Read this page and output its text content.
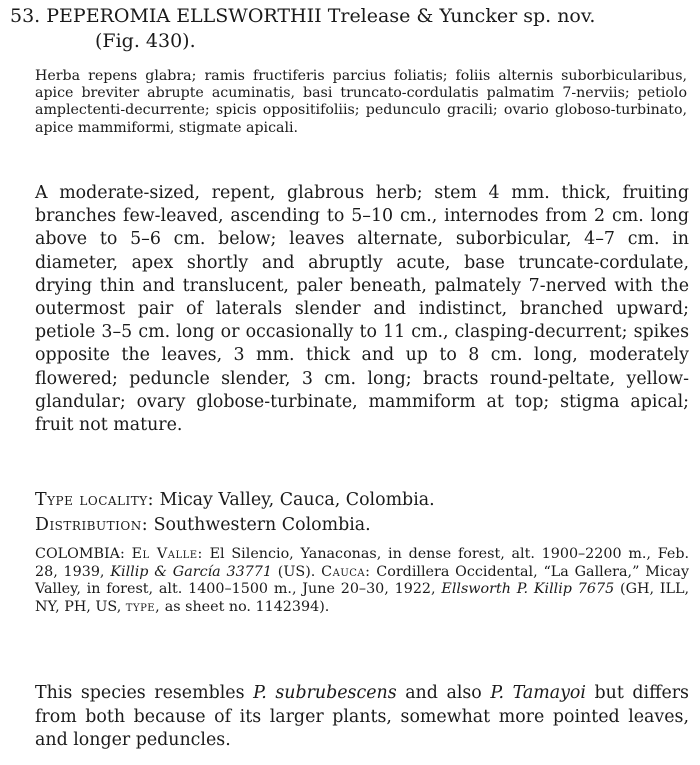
53. PEPEROMIA ELLSWORTHII Trelease & Yuncker sp. nov.
(Fig. 430).

Herba repens glabra; ramis fructiferis parcius foliatis; foliis alternis suborbicularibus, apice breviter abrupte acuminatis, basi truncato-cordulatis palmatim 7-nerviis; petiolo amplectenti-decurrente; spicis oppositifoliis; pedunculo gracili; ovario globoso-turbinato, apice mammiformi, stigmate apicali.

A moderate-sized, repent, glabrous herb; stem 4 mm. thick, fruiting branches few-leaved, ascending to 5–10 cm., internodes from 2 cm. long above to 5–6 cm. below; leaves alternate, suborbicular, 4–7 cm. in diameter, apex shortly and abruptly acute, base truncate-cordulate, drying thin and translucent, paler beneath, palmately 7-nerved with the outermost pair of laterals slender and indistinct, branched upward; petiole 3–5 cm. long or occasionally to 11 cm., clasping-decurrent; spikes opposite the leaves, 3 mm. thick and up to 8 cm. long, moderately flowered; peduncle slender, 3 cm. long; bracts round-peltate, yellow-glandular; ovary globose-turbinate, mammiform at top; stigma apical; fruit not mature.

Type locality: Micay Valley, Cauca, Colombia.
Distribution: Southwestern Colombia.

COLOMBIA: El Valle: El Silencio, Yanaconas, in dense forest, alt. 1900–2200 m., Feb. 28, 1939, Killip & García 33771 (US). Cauca: Cordillera Occidental, “La Gallera,” Micay Valley, in forest, alt. 1400–1500 m., June 20–30, 1922, Ellsworth P. Killip 7675 (GH, ILL, NY, PH, US, type, as sheet no. 1142394).

This species resembles P. subrubescens and also P. Tamayoi but differs from both because of its larger plants, somewhat more pointed leaves, and longer peduncles.
